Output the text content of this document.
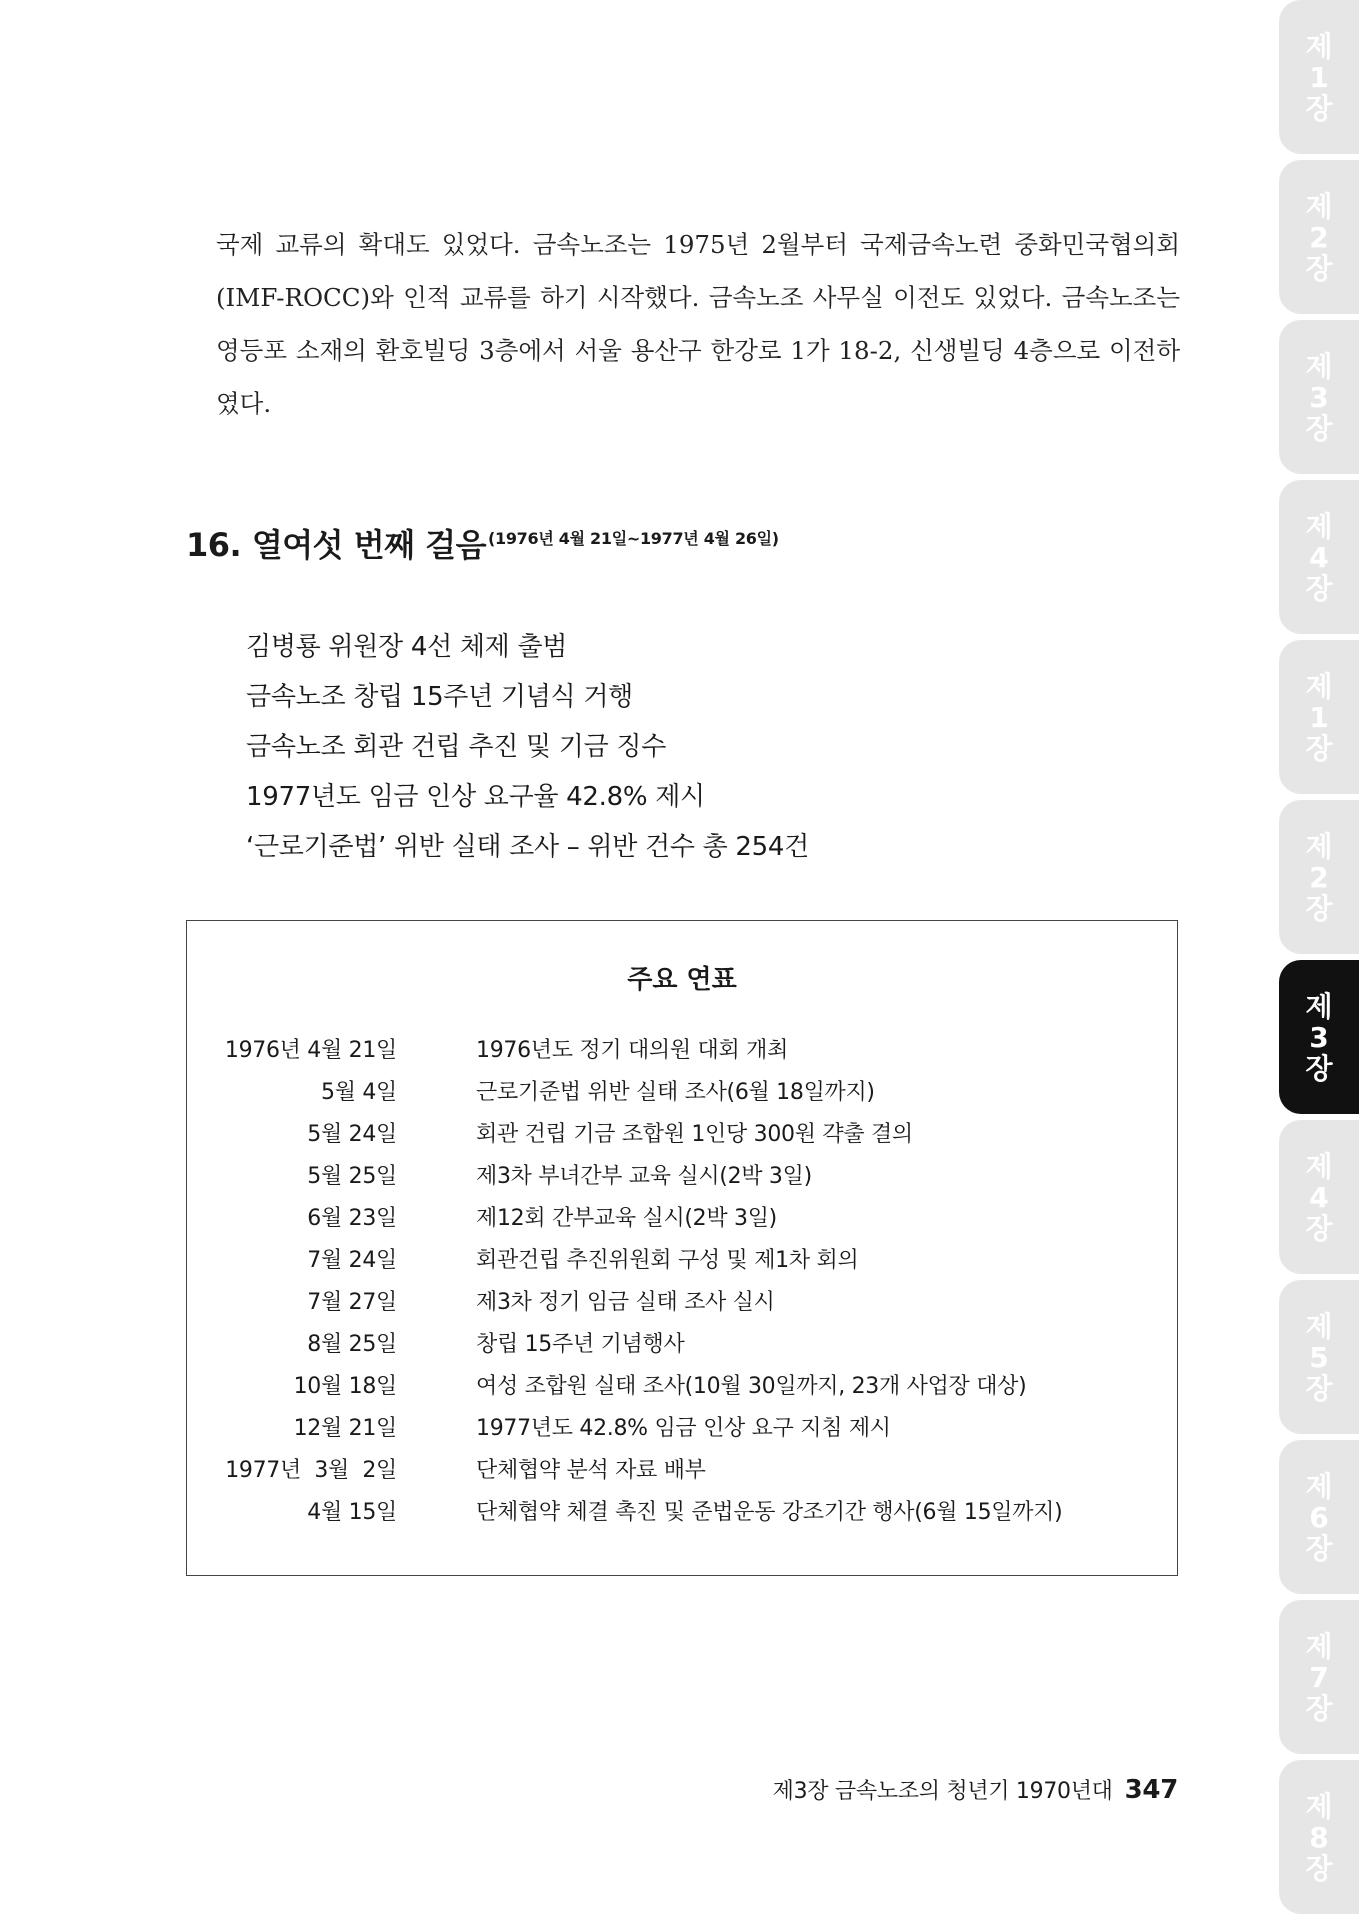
국제 교류의 확대도 있었다. 금속노조는 1975년 2월부터 국제금속노련 중화민국협의회(IMF-ROCC)와 인적 교류를 하기 시작했다. 금속노조 사무실 이전도 있었다. 금속노조는 영등포 소재의 환호빌딩 3층에서 서울 용산구 한강로 1가 18-2, 신생빌딩 4층으로 이전하였다.

16. 열여섯 번째 걸음 $^{(1976년 4월 21일\sim 1977년 4월 26일)}$
김병룡 위원장 4선 체제 출범
금속노조 창립 15주년 기념식 거행
금속노조 회관 건립 추진 및 기금 징수
1977년도 임금 인상 요구율 42.8% 제시
‘근로기준법’ 위반 실태 조사 – 위반 건수 총 254건
주요 연표
1976년 4월 21일	1976년도 정기 대의원 대회 개최
5월 4일	근로기준법 위반 실태 조사(6월 18일까지)
5월 24일	회관 건립 기금 조합원 1인당 300원 갹출 결의
5월 25일	제3차 부녀간부 교육 실시(2박 3일)
6월 23일	제12회 간부교육 실시(2박 3일)
7월 24일	회관건립 추진위원회 구성 및 제1차 회의
7월 27일	제3차 정기 임금 실태 조사 실시
8월 25일	창립 15주년 기념행사
10월 18일	여성 조합원 실태 조사(10월 30일까지, 23개 사업장 대상)
12월 21일	1977년도 42.8% 임금 인상 요구 지침 제시
1977년  3월  2일	단체협약 분석 자료 배부
4월 15일	단체협약 체결 촉진 및 준법운동 강조기간 행사(6월 15일까지)
제3장 금속노조의 청년기 1970년대 347
제
1
장
제
2
장
제
3
장
제
4
장
제
1
장
제
2
장
제
3
장
제
4
장
제
5
장
제
6
장
제
7
장
제
8
장
